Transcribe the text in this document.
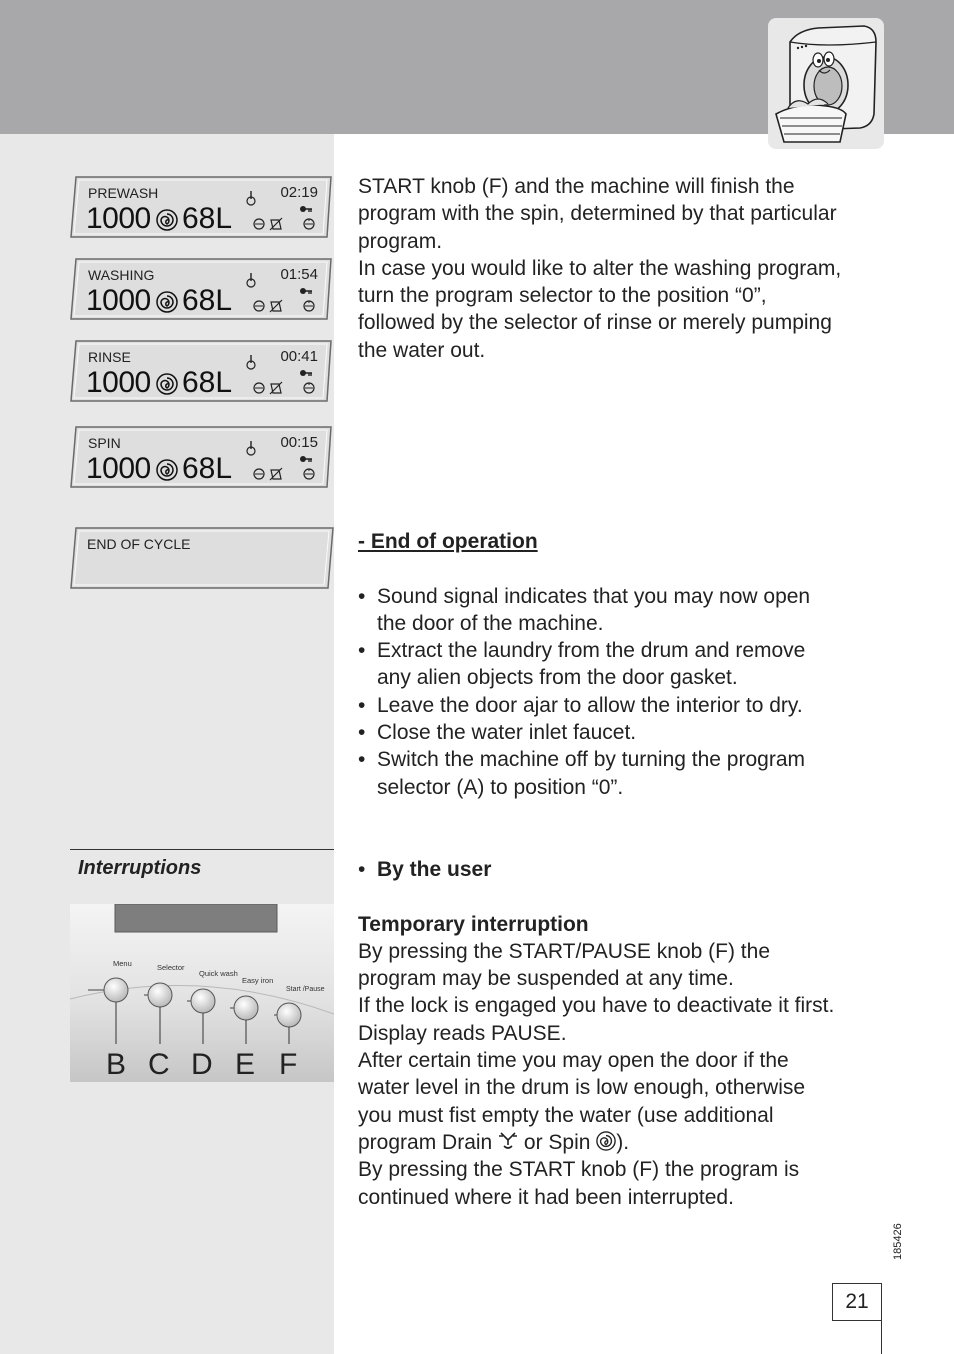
PREWASH	02:19
1000 68L
WASHING	01:54
1000 68L
RINSE	00:41
1000 68L
SPIN	00:15
1000 68L
END OF CYCLE

START knob (F) and the machine will finish the

program with the spin, determined by that particular

program.

In case you would like to alter the washing program,

turn the program selector to the position “0”,

followed by the selector of rinse or merely pumping

the water out.

- End of operation

• Sound signal indicates that you may now open
the door of the machine.
• Extract the laundry from the drum and remove
any alien objects from the door gasket.
• Leave the door ajar to allow the interior to dry.
• Close the water inlet faucet.
• Switch the machine off by turning the program
selector (A) to position “0”.
Interruptions
Menu	Selector
Quick wash
Easy iron
Start /Pause
B C D E F
• By the user

Temporary interruption

By pressing the START/PAUSE knob (F) the

program may be suspended at any time.

If the lock is engaged you have to deactivate it first.

Display reads PAUSE.

After certain time you may open the door if the

water level in the drum is low enough, otherwise

you must fist empty the water (use additional

program Drain  or Spin ).

By pressing the START knob (F) the program is

continued where it had been interrupted.

185426
21
